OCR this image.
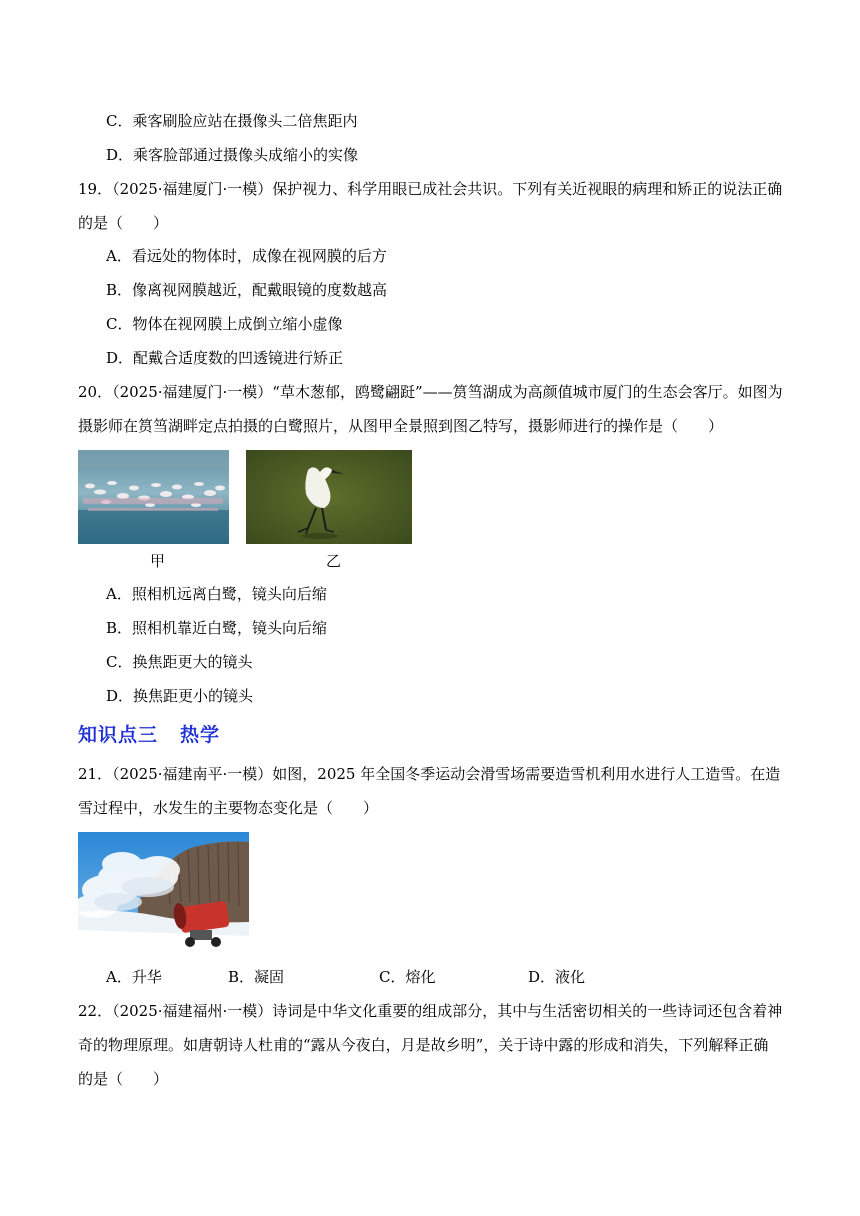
C．乘客刷脸应站在摄像头二倍焦距内
D．乘客脸部通过摄像头成缩小的实像
19．（2025·福建厦门·一模）保护视力、科学用眼已成社会共识。下列有关近视眼的病理和矫正的说法正确
的是（　　）
A．看远处的物体时，成像在视网膜的后方
B．像离视网膜越近，配戴眼镜的度数越高
C．物体在视网膜上成倒立缩小虚像
D．配戴合适度数的凹透镜进行矫正
20．（2025·福建厦门·一模）“草木葱郁，鸥鹭翩跹”——筼筜湖成为高颜值城市厦门的生态会客厅。如图为
摄影师在筼筜湖畔定点拍摄的白鹭照片，从图甲全景照到图乙特写，摄影师进行的操作是（　　）
甲	乙
A．照相机远离白鹭，镜头向后缩
B．照相机靠近白鹭，镜头向后缩
C．换焦距更大的镜头
D．换焦距更小的镜头
知识点三 热学
21．（2025·福建南平·一模）如图，2025 年全国冬季运动会滑雪场需要造雪机利用水进行人工造雪。在造
雪过程中，水发生的主要物态变化是（　　）
A．升华	B．凝固	C．熔化	D．液化
22．（2025·福建福州·一模）诗词是中华文化重要的组成部分，其中与生活密切相关的一些诗词还包含着神
奇的物理原理。如唐朝诗人杜甫的“露从今夜白，月是故乡明”，关于诗中露的形成和消失，下列解释正确
的是（　　）
